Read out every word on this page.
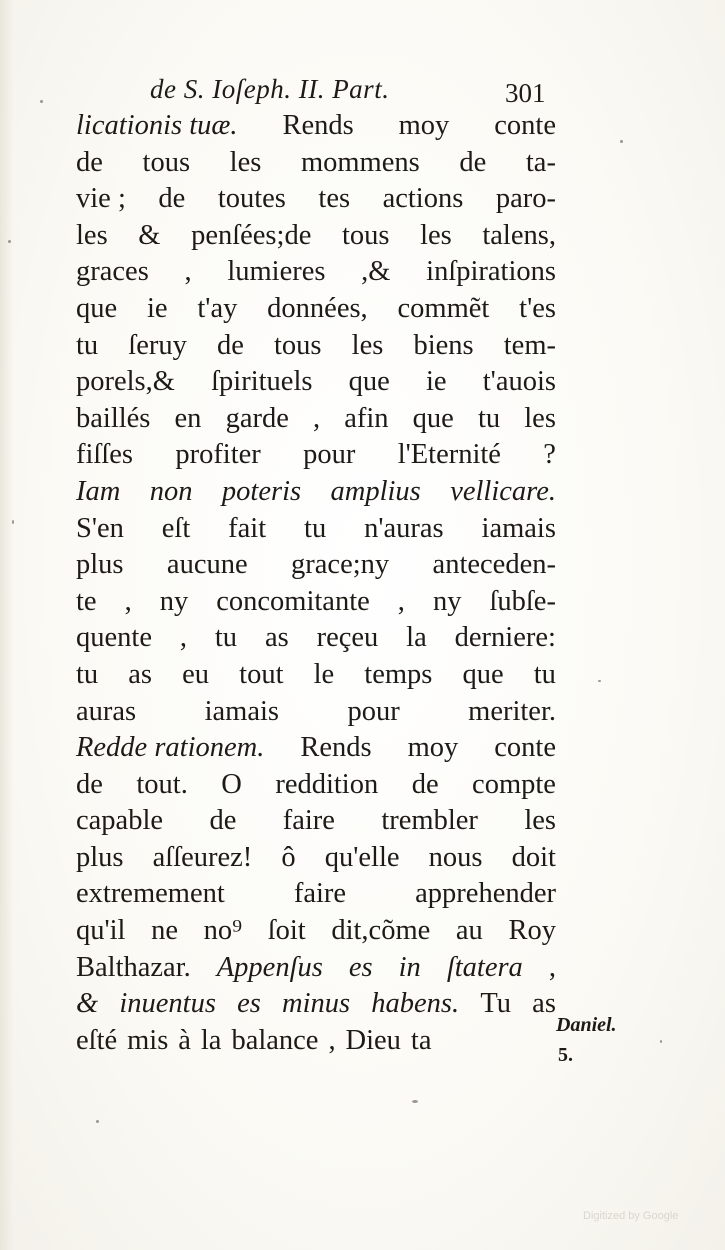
de S. Ioſeph. II. Part.	301
licationis tuæ. Rends moy conte
de tous les mommens de ta-
vie ; de toutes tes actions paro-
les & penſées;de tous les talens,
graces , lumieres ,& inſpirations
que ie t'ay données, commẽt t'es
tu ſeruy de tous les biens tem-
porels,& ſpirituels que ie t'auois
baillés en garde , afin que tu les
fiſſes profiter pour l'Eternité ?
Iam non poteris amplius vellicare.
S'en eſt fait tu n'auras iamais
plus aucune grace;ny anteceden-
te , ny concomitante , ny ſubſe-
quente , tu as reçeu la derniere:
tu as eu tout le temps que tu
auras iamais pour meriter.
Redde rationem. Rends moy conte
de tout. O reddition de compte
capable de faire trembler les
plus aſſeurez! ô qu'elle nous doit
extremement faire apprehender
qu'il ne no⁹ ſoit dit,cõme au Roy
Balthazar. Appenſus es in ſtatera ,
& inuentus es minus habens. Tu as
eſté mis à la balance , Dieu ta	Daniel.
5.
Digitized by Google
